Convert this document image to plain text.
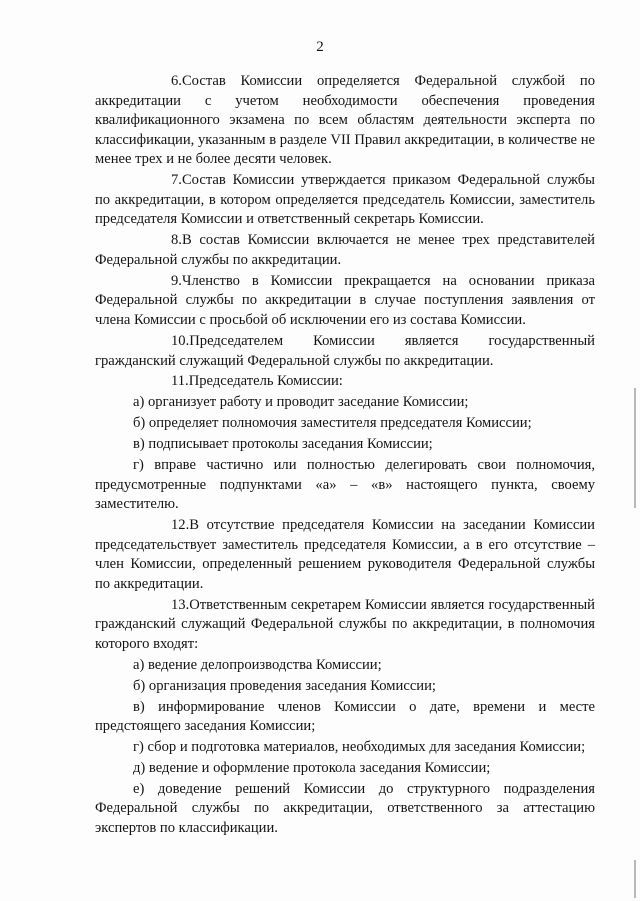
2

6.Состав Комиссии определяется Федеральной службой по аккредитации с учетом необходимости обеспечения проведения квалификационного экзамена по всем областям деятельности эксперта по классификации, указанным в разделе VII Правил аккредитации, в количестве не менее трех и не более десяти человек.

7.Состав Комиссии утверждается приказом Федеральной службы по аккредитации, в котором определяется председатель Комиссии, заместитель председателя Комиссии и ответственный секретарь Комиссии.

8.В состав Комиссии включается не менее трех представителей Федеральной службы по аккредитации.

9.Членство в Комиссии прекращается на основании приказа Федеральной службы по аккредитации в случае поступления заявления от члена Комиссии с просьбой об исключении его из состава Комиссии.

10.Председателем Комиссии является государственный гражданский служащий Федеральной службы по аккредитации.

11.Председатель Комиссии:

а) организует работу и проводит заседание Комиссии;

б) определяет полномочия заместителя председателя Комиссии;

в) подписывает протоколы заседания Комиссии;

г) вправе частично или полностью делегировать свои полномочия, предусмотренные подпунктами «а» – «в» настоящего пункта, своему заместителю.

12.В отсутствие председателя Комиссии на заседании Комиссии председательствует заместитель председателя Комиссии, а в его отсутствие – член Комиссии, определенный решением руководителя Федеральной службы по аккредитации.

13.Ответственным секретарем Комиссии является государственный гражданский служащий Федеральной службы по аккредитации, в полномочия которого входят:

а) ведение делопроизводства Комиссии;

б) организация проведения заседания Комиссии;

в) информирование членов Комиссии о дате, времени и месте предстоящего заседания Комиссии;

г) сбор и подготовка материалов, необходимых для заседания Комиссии;

д) ведение и оформление протокола заседания Комиссии;

е) доведение решений Комиссии до структурного подразделения Федеральной службы по аккредитации, ответственного за аттестацию экспертов по классификации.
